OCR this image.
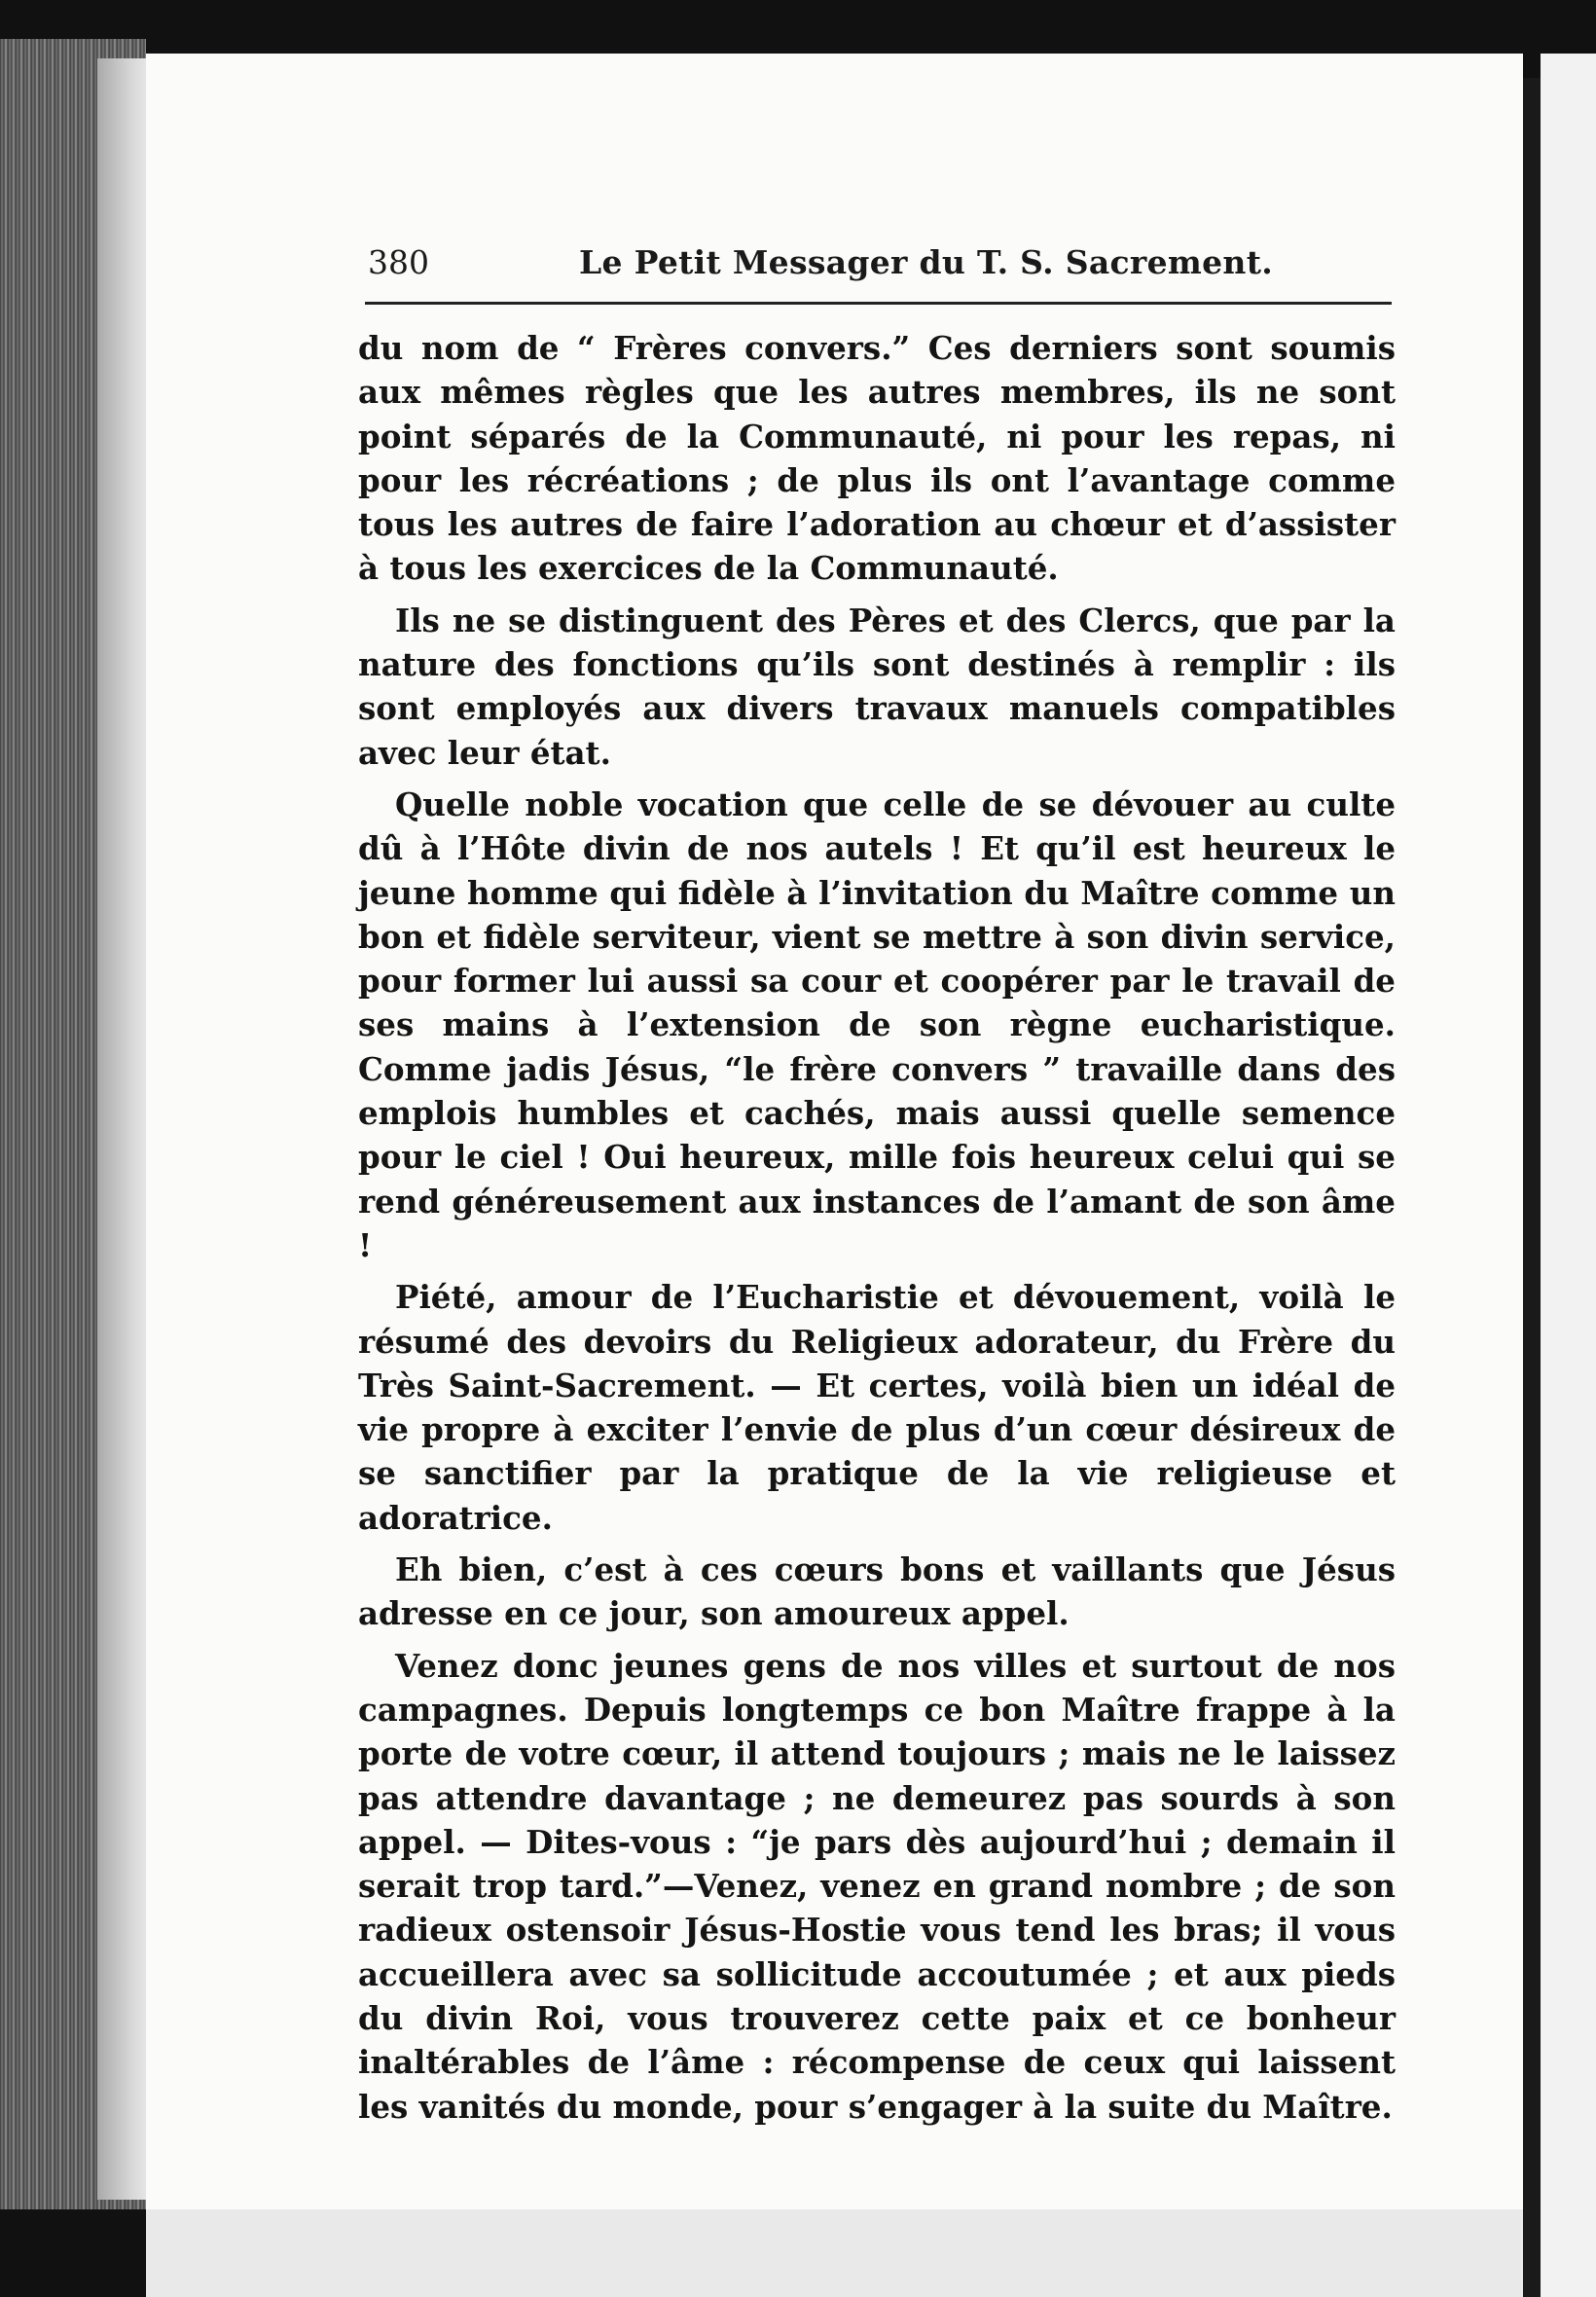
380	Le Petit Messager du T. S. Sacrement.

du nom de “ Frères convers.” Ces derniers sont soumis aux mêmes règles que les autres membres, ils ne sont point séparés de la Communauté, ni pour les repas, ni pour les récréations ; de plus ils ont l’avantage comme tous les autres de faire l’adoration au chœur et d’assister à tous les exercices de la Communauté.

Ils ne se distinguent des Pères et des Clercs, que par la nature des fonctions qu’ils sont destinés à remplir : ils sont employés aux divers travaux manuels compatibles avec leur état.

Quelle noble vocation que celle de se dévouer au culte dû à l’Hôte divin de nos autels ! Et qu’il est heureux le jeune homme qui fidèle à l’invitation du Maître comme un bon et fidèle serviteur, vient se mettre à son divin service, pour former lui aussi sa cour et coopérer par le travail de ses mains à l’extension de son règne eucharistique. Comme jadis Jésus, “le frère convers ” travaille dans des emplois humbles et cachés, mais aussi quelle semence pour le ciel ! Oui heureux, mille fois heureux celui qui se rend généreusement aux instances de l’amant de son âme !

Piété, amour de l’Eucharistie et dévouement, voilà le résumé des devoirs du Religieux adorateur, du Frère du Très Saint-Sacrement. — Et certes, voilà bien un idéal de vie propre à exciter l’envie de plus d’un cœur désireux de se sanctifier par la pratique de la vie religieuse et adoratrice.

Eh bien, c’est à ces cœurs bons et vaillants que Jésus adresse en ce jour, son amoureux appel.

Venez donc jeunes gens de nos villes et surtout de nos campagnes. Depuis longtemps ce bon Maître frappe à la porte de votre cœur, il attend toujours ; mais ne le laissez pas attendre davantage ; ne demeurez pas sourds à son appel. — Dites-vous : “je pars dès aujourd’hui ; demain il serait trop tard.”—Venez, venez en grand nombre ; de son radieux ostensoir Jésus-Hostie vous tend les bras; il vous accueillera avec sa sollicitude accoutumée ; et aux pieds du divin Roi, vous trouverez cette paix et ce bonheur inaltérables de l’âme : récompense de ceux qui laissent les vanités du monde, pour s’engager à la suite du Maître.
